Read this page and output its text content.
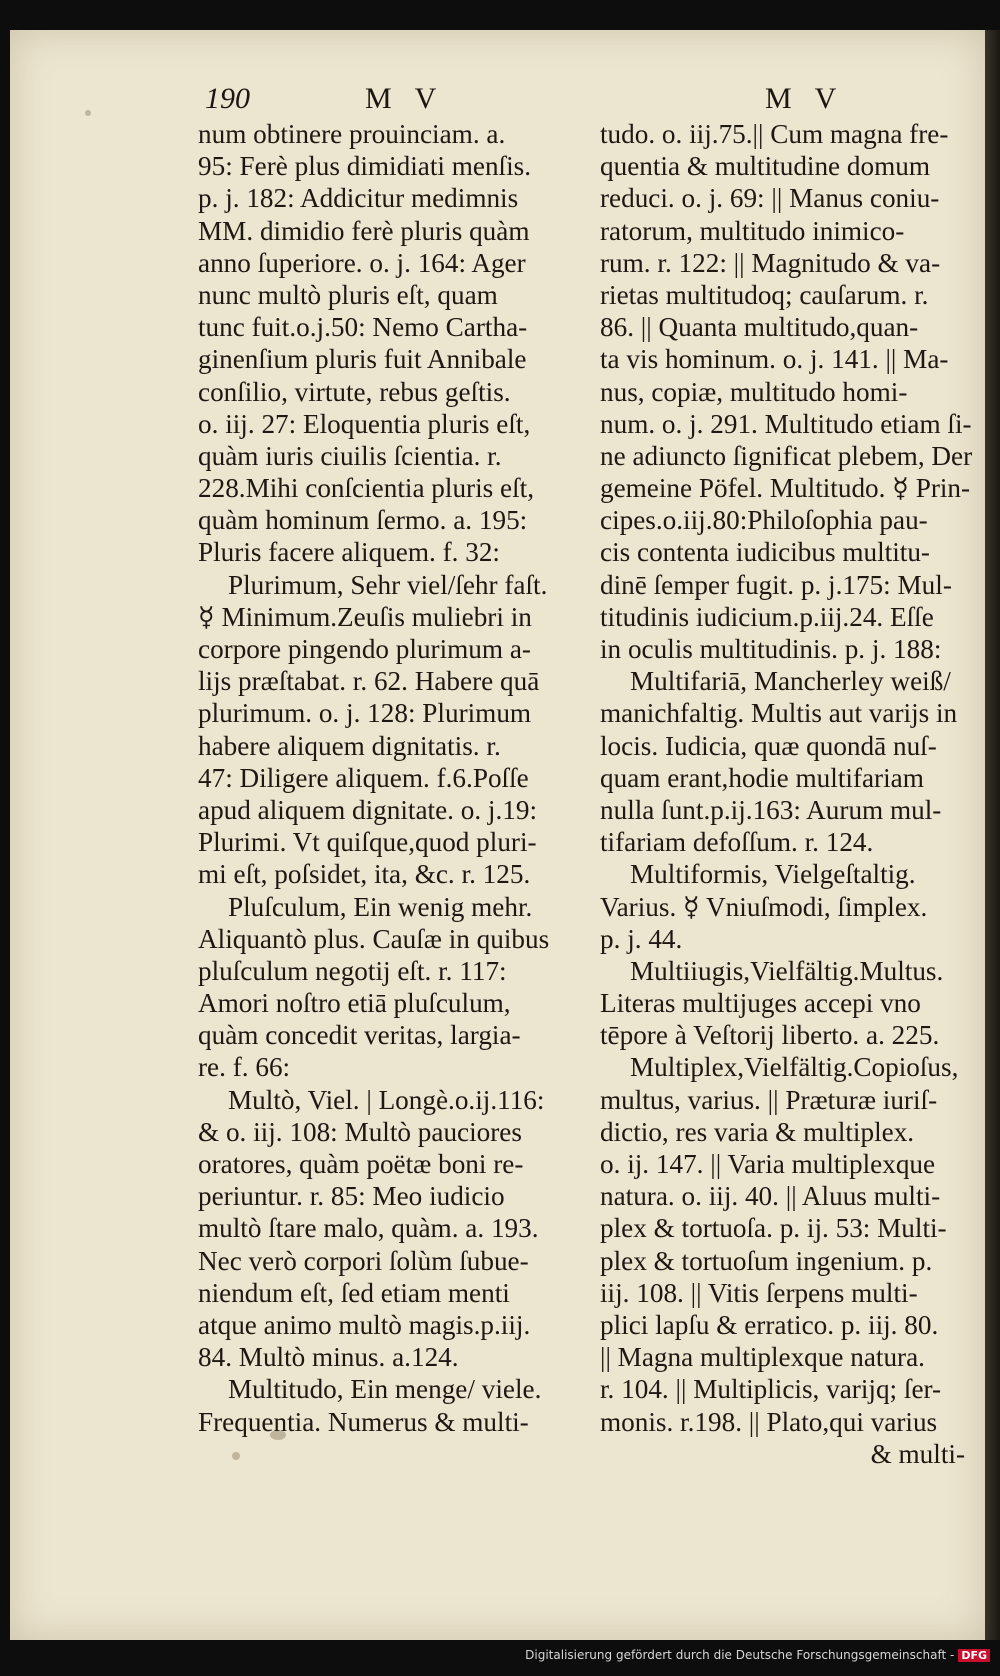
190	M V	M V
num obtinere prouinciam. a.
95: Ferè plus dimidiati menſis.
p. j. 182: Addicitur medimnis
MM. dimidio ferè pluris quàm
anno ſuperiore. o. j. 164: Ager
nunc multò pluris eſt, quam
tunc fuit.o.j.50: Nemo Cartha-
ginenſium pluris fuit Annibale
conſilio, virtute, rebus geſtis.
o. iij. 27: Eloquentia pluris eſt,
quàm iuris ciuilis ſcientia. r.
228.Mihi conſcientia pluris eſt,
quàm hominum ſermo. a. 195:
Pluris facere aliquem. f. 32:
Plurimum, Sehr viel/ſehr faſt.
☿ Minimum.Zeuſis muliebri in
corpore pingendo plurimum a-
lijs præſtabat. r. 62. Habere quā
plurimum. o. j. 128: Plurimum
habere aliquem dignitatis. r.
47: Diligere aliquem. f.6.Poſſe
apud aliquem dignitate. o. j.19:
Plurimi. Vt quiſque,quod pluri-
mi eſt, poſsidet, ita, &c. r. 125.
Pluſculum, Ein wenig mehr.
Aliquantò plus. Cauſæ in quibus
pluſculum negotij eſt. r. 117:
Amori noſtro etiā pluſculum,
quàm concedit veritas, largia-
re. f. 66:
Multò, Viel. | Longè.o.ij.116:
& o. iij. 108: Multò pauciores
oratores, quàm poëtæ boni re-
periuntur. r. 85: Meo iudicio
multò ſtare malo, quàm. a. 193.
Nec verò corpori ſolùm ſubue-
niendum eſt, ſed etiam menti
atque animo multò magis.p.iij.
84. Multò minus. a.124.
Multitudo, Ein menge/ viele.
Frequentia. Numerus & multi-
tudo. o. iij.75.|| Cum magna fre-
quentia & multitudine domum
reduci. o. j. 69: || Manus coniu-
ratorum, multitudo inimico-
rum. r. 122: || Magnitudo & va-
rietas multitudoq; cauſarum. r.
86. || Quanta multitudo,quan-
ta vis hominum. o. j. 141. || Ma-
nus, copiæ, multitudo homi-
num. o. j. 291. Multitudo etiam ſi-
ne adiuncto ſignificat plebem, Der
gemeine Pöfel. Multitudo. ☿ Prin-
cipes.o.iij.80:Philoſophia pau-
cis contenta iudicibus multitu-
dinē ſemper fugit. p. j.175: Mul-
titudinis iudicium.p.iij.24. Eſſe
in oculis multitudinis. p. j. 188:
Multifariā, Mancherley weiß/
manichfaltig. Multis aut varijs in
locis. Iudicia, quæ quondā nuſ-
quam erant,hodie multifariam
nulla ſunt.p.ij.163: Aurum mul-
tifariam defoſſum. r. 124.
Multiformis, Vielgeſtaltig.
Varius. ☿ Vniuſmodi, ſimplex.
p. j. 44.
Multiiugis,Vielfältig.Multus.
Literas multijuges accepi vno
tēpore à Veſtorij liberto. a. 225.
Multiplex,Vielfältig.Copioſus,
multus, varius. || Præturæ iuriſ-
dictio, res varia & multiplex.
o. ij. 147. || Varia multiplexque
natura. o. iij. 40. || Aluus multi-
plex & tortuoſa. p. ij. 53: Multi-
plex & tortuoſum ingenium. p.
iij. 108. || Vitis ſerpens multi-
plici lapſu & erratico. p. iij. 80.
|| Magna multiplexque natura.
r. 104. || Multiplicis, varijq; ſer-
monis. r.198. || Plato,qui varius
& multi-
Digitalisierung gefördert durch die Deutsche Forschungsgemeinschaft - DFG
